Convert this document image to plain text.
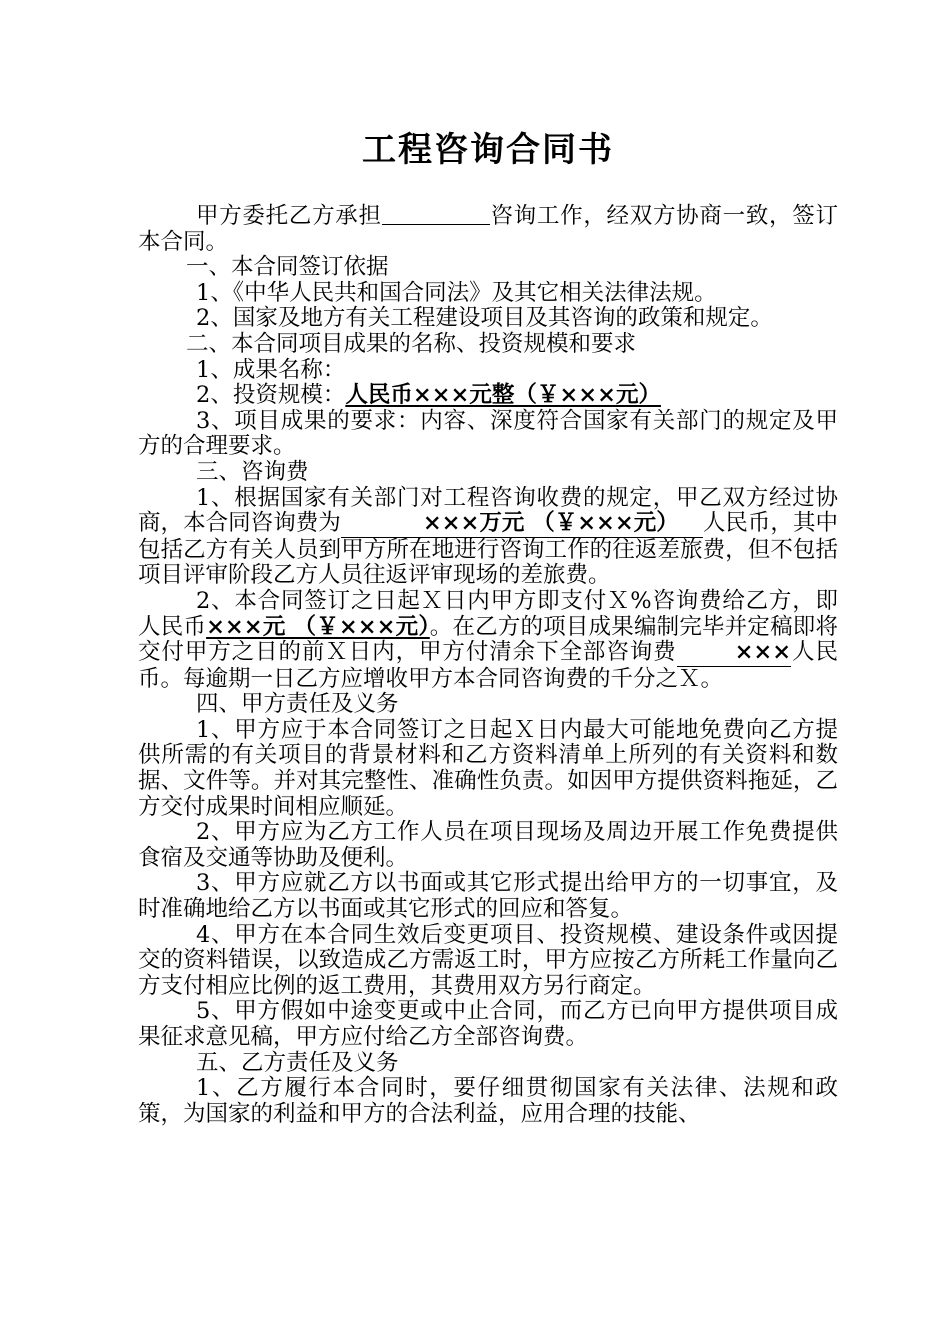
工程咨询合同书

甲方委托乙方承担	咨询工作，经双方协商一致，签订本合同。

一、本合同签订依据

1、《中华人民共和国合同法》及其它相关法律法规。

2、国家及地方有关工程建设项目及其咨询的政策和规定。

二、本合同项目成果的名称、投资规模和要求

1、成果名称：

2、投资规模：人民币×××元整（￥×××元）

3、项目成果的要求：内容、深度符合国家有关部门的规定及甲方的合理要求。

三、咨询费

1、根据国家有关部门对工程咨询收费的规定，甲乙双方经过协商，本合同咨询费为	×××万元 （￥×××元） 人民币，其中包括乙方有关人员到甲方所在地进行咨询工作的往返差旅费，但不包括项目评审阶段乙方人员往返评审现场的差旅费。

2、本合同签订之日起Ｘ日内甲方即支付Ｘ%咨询费给乙方，即人民币×××元 （￥×××元）。在乙方的项目成果编制完毕并定稿即将交付甲方之日的前Ｘ日内，甲方付清余下全部咨询费	×××人民币。每逾期一日乙方应增收甲方本合同咨询费的千分之Ｘ。

四、甲方责任及义务

1、甲方应于本合同签订之日起Ｘ日内最大可能地免费向乙方提供所需的有关项目的背景材料和乙方资料清单上所列的有关资料和数据、文件等。并对其完整性、准确性负责。如因甲方提供资料拖延，乙方交付成果时间相应顺延。

2、甲方应为乙方工作人员在项目现场及周边开展工作免费提供食宿及交通等协助及便利。

3、甲方应就乙方以书面或其它形式提出给甲方的一切事宜，及时准确地给乙方以书面或其它形式的回应和答复。

4、甲方在本合同生效后变更项目、投资规模、建设条件或因提交的资料错误，以致造成乙方需返工时，甲方应按乙方所耗工作量向乙方支付相应比例的返工费用，其费用双方另行商定。

5、甲方假如中途变更或中止合同，而乙方已向甲方提供项目成果征求意见稿，甲方应付给乙方全部咨询费。

五、乙方责任及义务

1、乙方履行本合同时，要仔细贯彻国家有关法律、法规和政策，为国家的利益和甲方的合法利益，应用合理的技能、
